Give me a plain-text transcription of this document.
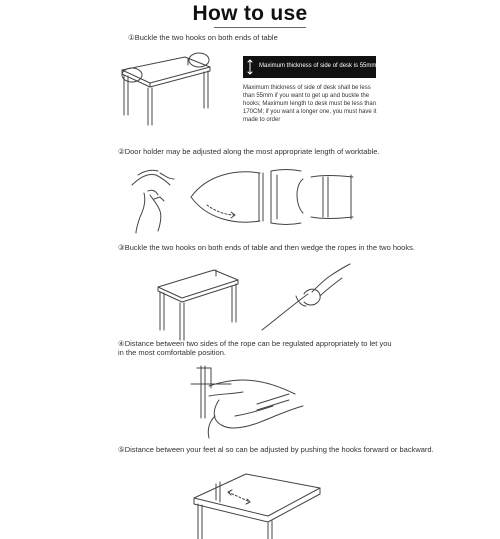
How to use
①Buckle the two hooks on both ends of table
Maximum thickness of side of desk is 55mm;
Maximum thickness of side of desk shall be less than 55mm if you want to get up and buckle the hooks; Maximum length to desk must be less than 170CM; if you want a longer one, you must have it made to order
②Door holder may be adjusted along the most appropriate length of worktable.
③Buckle the two hooks on both ends of table and then wedge the ropes in the two hooks.
④Distance between two sides of the rope can be regulated appropriately to let you
in the most comfortable position.
⑤Distance between your feet al so can be adjusted by pushing the hooks forward or backward.
